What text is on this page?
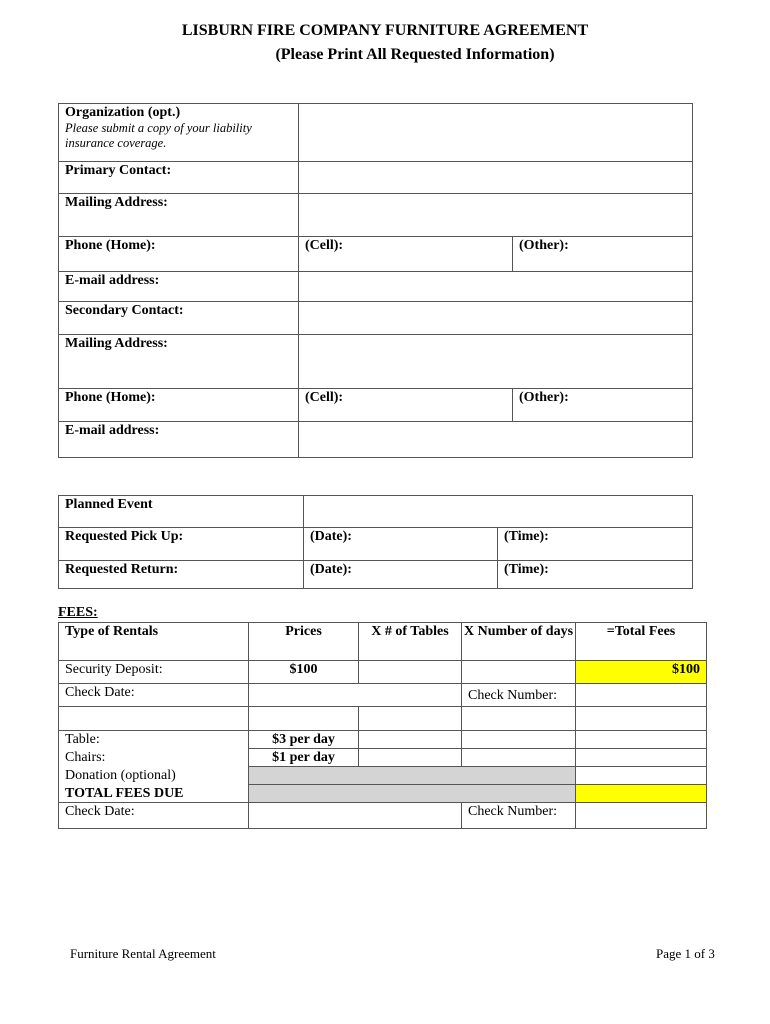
LISBURN FIRE COMPANY FURNITURE AGREEMENT
(Please Print All Requested Information)
Organization (opt.)
Please submit a copy of your liability insurance coverage.		

Primary Contact:		
Mailing Address:		
Phone (Home):	(Cell):	(Other):
E-mail address:		
Secondary Contact:		
Mailing Address:		
Phone (Home):	(Cell):	(Other):
E-mail address:		
Planned Event		
Requested Pick Up:	(Date):	(Time):
Requested Return:	(Date):	(Time):
FEES:
Type of Rentals	Prices	X # of Tables	X Number of days	=Total Fees
Security Deposit:	$100			$100
Check Date:			Check Number:	

Table:	$3 per day			
Chairs:	$1 per day			
Donation (optional)				
TOTAL FEES DUE				
Check Date:			Check Number:	
Furniture Rental Agreement	Page 1 of 3
